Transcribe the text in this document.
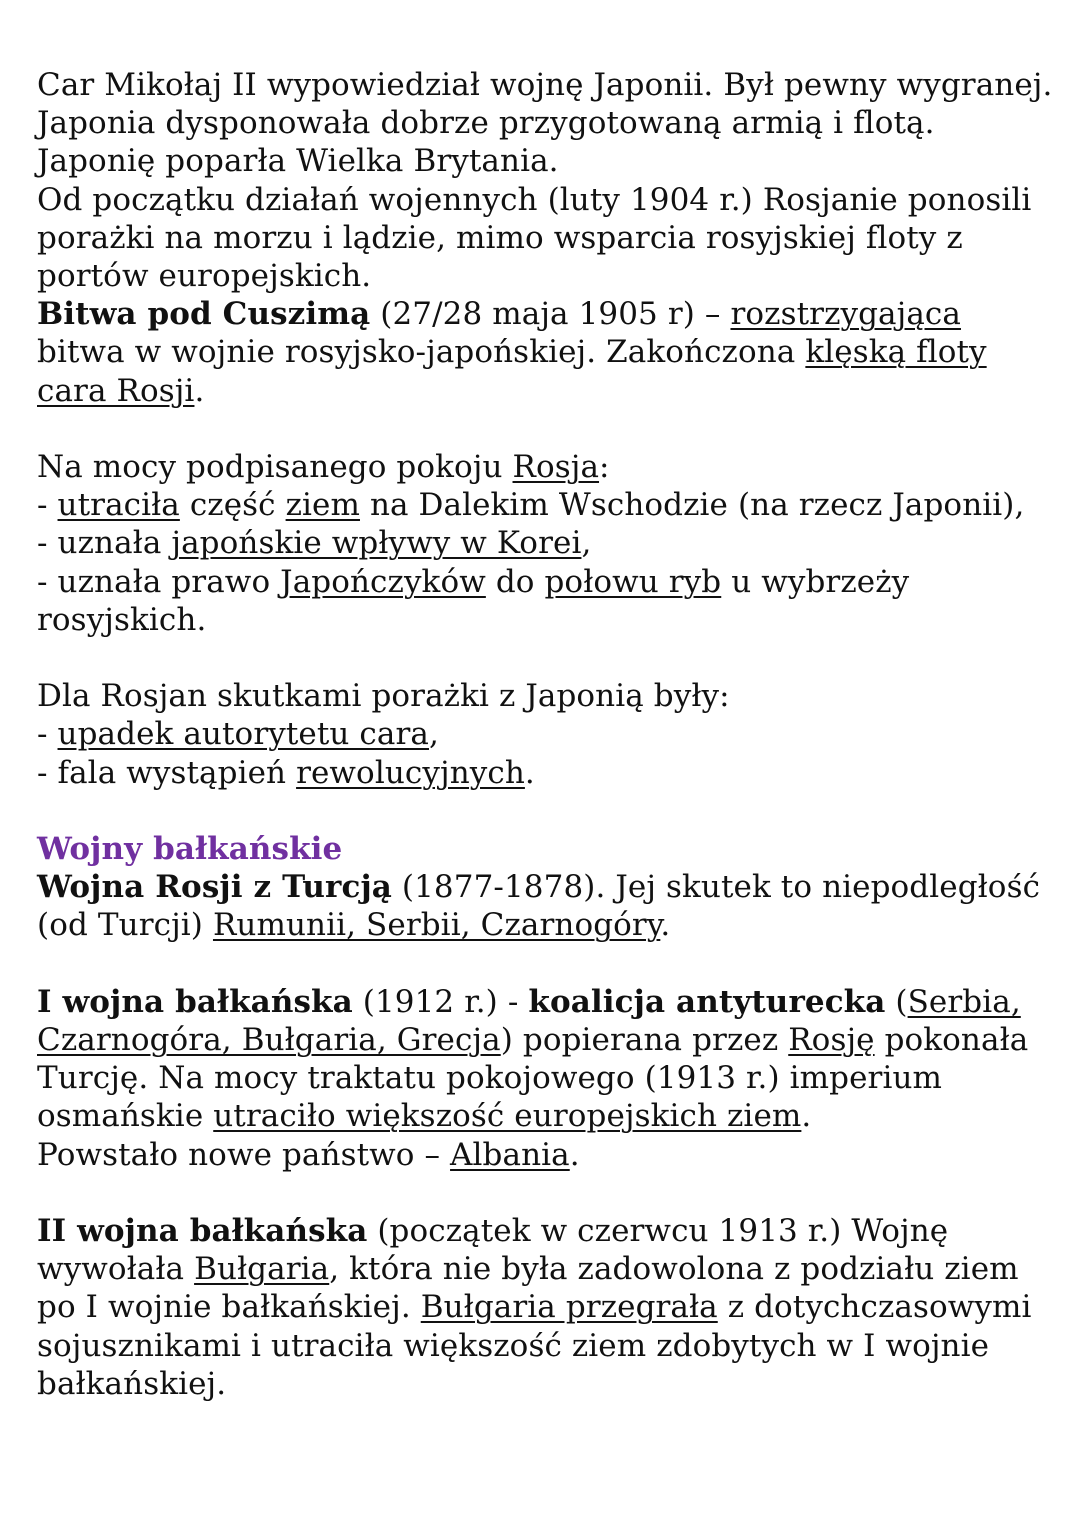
Car Mikołaj II wypowiedział wojnę Japonii. Był pewny wygranej.
Japonia dysponowała dobrze przygotowaną armią i flotą.
Japonię poparła Wielka Brytania.
Od początku działań wojennych (luty 1904 r.) Rosjanie ponosili porażki na morzu i lądzie, mimo wsparcia rosyjskiej floty z portów europejskich.
Bitwa pod Cuszimą (27/28 maja 1905 r) – rozstrzygająca bitwa w wojnie rosyjsko-japońskiej. Zakończona klęską floty cara Rosji.

Na mocy podpisanego pokoju Rosja:
- utraciła część ziem na Dalekim Wschodzie (na rzecz Japonii),
- uznała japońskie wpływy w Korei,
- uznała prawo Japończyków do połowu ryb u wybrzeży rosyjskich.

Dla Rosjan skutkami porażki z Japonią były:
- upadek autorytetu cara,
- fala wystąpień rewolucyjnych.

Wojny bałkańskie
Wojna Rosji z Turcją (1877-1878). Jej skutek to niepodległość (od Turcji) Rumunii, Serbii, Czarnogóry.

I wojna bałkańska (1912 r.) - koalicja antyturecka (Serbia, Czarnogóra, Bułgaria, Grecja) popierana przez Rosję pokonała Turcję. Na mocy traktatu pokojowego (1913 r.) imperium osmańskie utraciło większość europejskich ziem.
Powstało nowe państwo – Albania.

II wojna bałkańska (początek w czerwcu 1913 r.) Wojnę wywołała Bułgaria, która nie była zadowolona z podziału ziem po I wojnie bałkańskiej. Bułgaria przegrała z dotychczasowymi sojusznikami i utraciła większość ziem zdobytych w I wojnie bałkańskiej.
